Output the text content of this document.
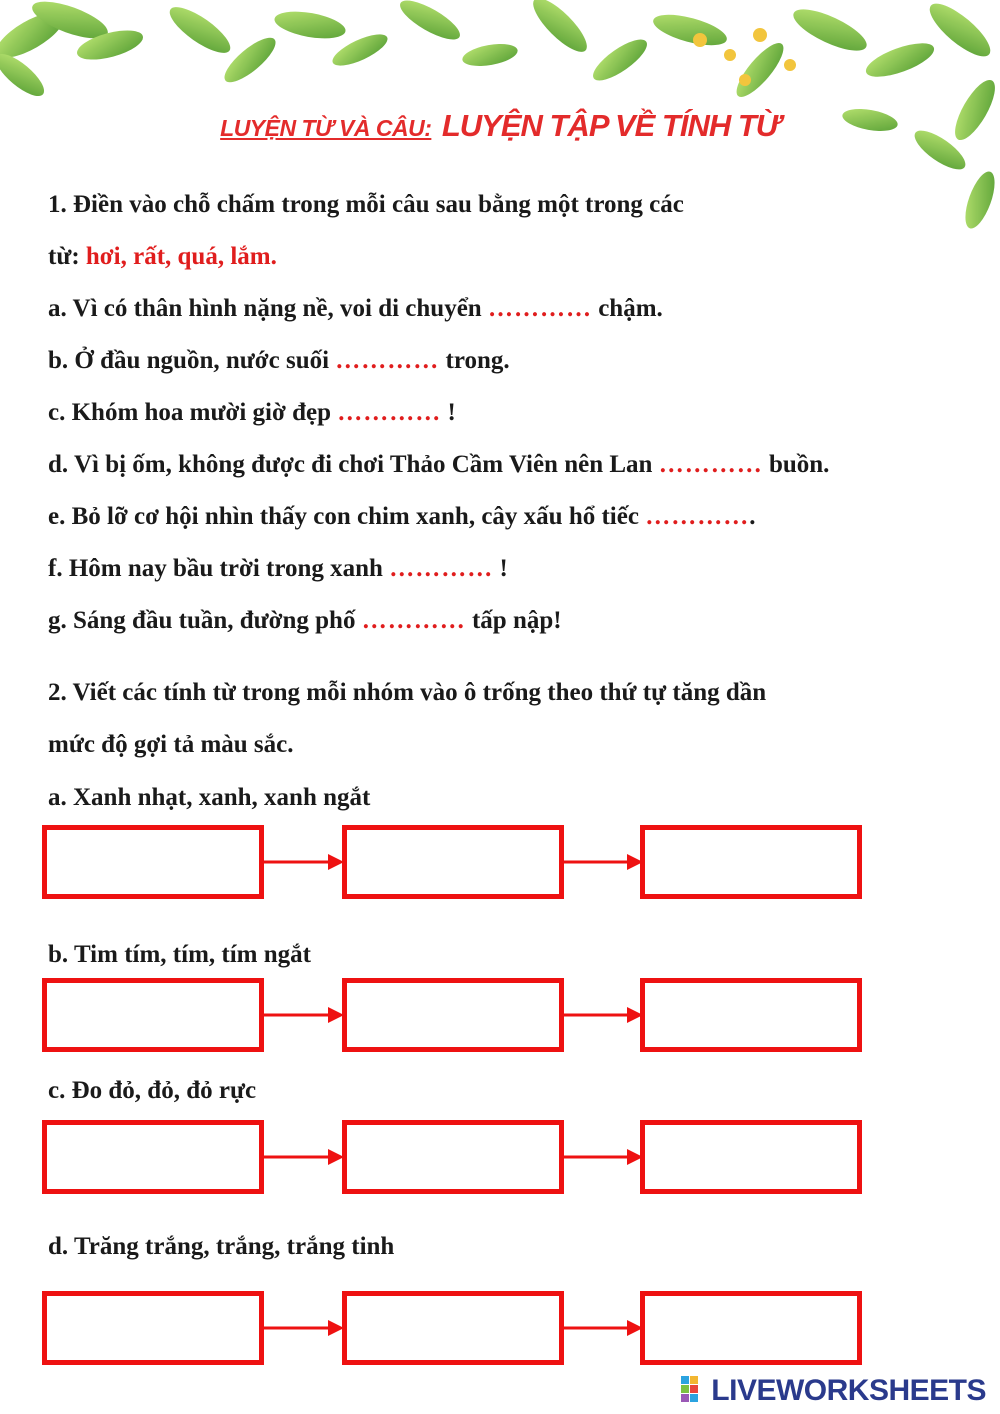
LUYỆN TỪ VÀ CÂU: LUYỆN TẬP VỀ TÍNH TỪ
1. Điền vào chỗ chấm trong mỗi câu sau bằng một trong các
từ: hơi, rất, quá, lắm.
a. Vì có thân hình nặng nề, voi di chuyển ………… chậm.
b. Ở đầu nguồn, nước suối ………… trong.
c. Khóm hoa mười giờ đẹp ………… !
d. Vì bị ốm, không được đi chơi Thảo Cầm Viên nên Lan ………… buồn.
e. Bỏ lỡ cơ hội nhìn thấy con chim xanh, cây xấu hổ tiếc ………….
f. Hôm nay bầu trời trong xanh ………… !
g. Sáng đầu tuần, đường phố ………… tấp nập!
2. Viết các tính từ trong mỗi nhóm vào ô trống theo thứ tự tăng dần
mức độ gợi tả màu sắc.
a. Xanh nhạt, xanh, xanh ngắt
b. Tim tím, tím, tím ngắt
c. Đo đỏ, đỏ, đỏ rực
d. Trăng trắng, trắng, trắng tinh
LIVEWORKSHEETS
